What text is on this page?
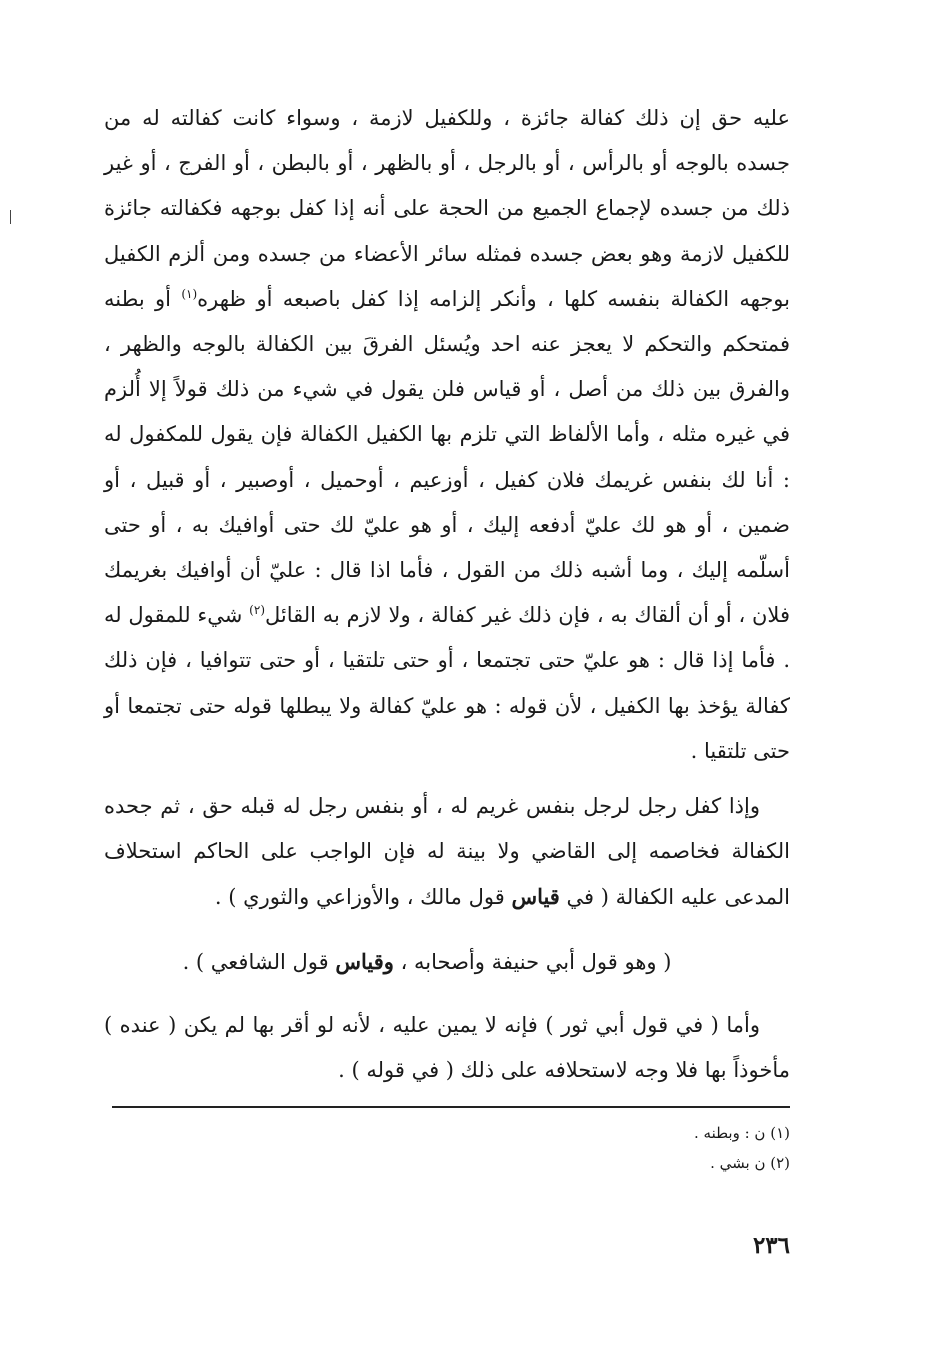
عليه حق إن ذلك كفالة جائزة ، وللكفيل لازمة ، وسواء كانت كفالته له من جسده بالوجه أو بالرأس ، أو بالرجل ، أو بالظهر ، أو بالبطن ، أو الفرج ، أو غير ذلك من جسده لإجماع الجميع من الحجة على أنه إذا كفل بوجهه فكفالته جائزة للكفيل لازمة وهو بعض جسده فمثله سائر الأعضاء من جسده ومن ألزم الكفيل بوجهه الكفالة بنفسه كلها ، وأنكر إلزامه إذا كفل باصبعه أو ظهره$^{(١)}$ أو بطنه فمتحكم والتحكم لا يعجز عنه احد ويُسئل الفرقَ بين الكفالة بالوجه والظهر ، والفرق بين ذلك من أصل ، أو قياس فلن يقول في شيء من ذلك قولاً إلا أُلزم في غيره مثله ، وأما الألفاظ التي تلزم بها الكفيل الكفالة فإن يقول للمكفول له : أنا لك بنفس غريمك فلان كفيل ، أوزعيم ، أوحميل ، أوصبير ، أو قبيل ، أو ضمين ، أو هو لك عليّ أدفعه إليك ، أو هو عليّ لك حتى أوافيك به ، أو حتى أسلّمه إليك ، وما أشبه ذلك من القول ، فأما اذا قال : عليّ أن أوافيك بغريمك فلان ، أو أن ألقاك به ، فإن ذلك غير كفالة ، ولا لازم به القائل$^{(٢)}$ شيء للمقول له . فأما إذا قال : هو عليّ حتى تجتمعا ، أو حتى تلتقيا ، أو حتى تتوافيا ، فإن ذلك كفالة يؤخذ بها الكفيل ، لأن قوله : هو عليّ كفالة ولا يبطلها قوله حتى تجتمعا أو حتى تلتقيا .

وإذا كفل رجل لرجل بنفس غريم له ، أو بنفس رجل له قبله حق ، ثم جحده الكفالة فخاصمه إلى القاضي ولا بينة له فإن الواجب على الحاكم استحلاف المدعى عليه الكفالة ( في قياس قول مالك ، والأوزاعي والثوري ) .

( وهو قول أبي حنيفة وأصحابه ، وقياس قول الشافعي ) .

وأما ( في قول أبي ثور ) فإنه لا يمين عليه ، لأنه لو أقر بها لم يكن ( عنده ) مأخوذاً بها فلا وجه لاستحلافه على ذلك ( في قوله ) .

(١) ن : وبطنه .

(٢) ن بشي .

٢٣٦
